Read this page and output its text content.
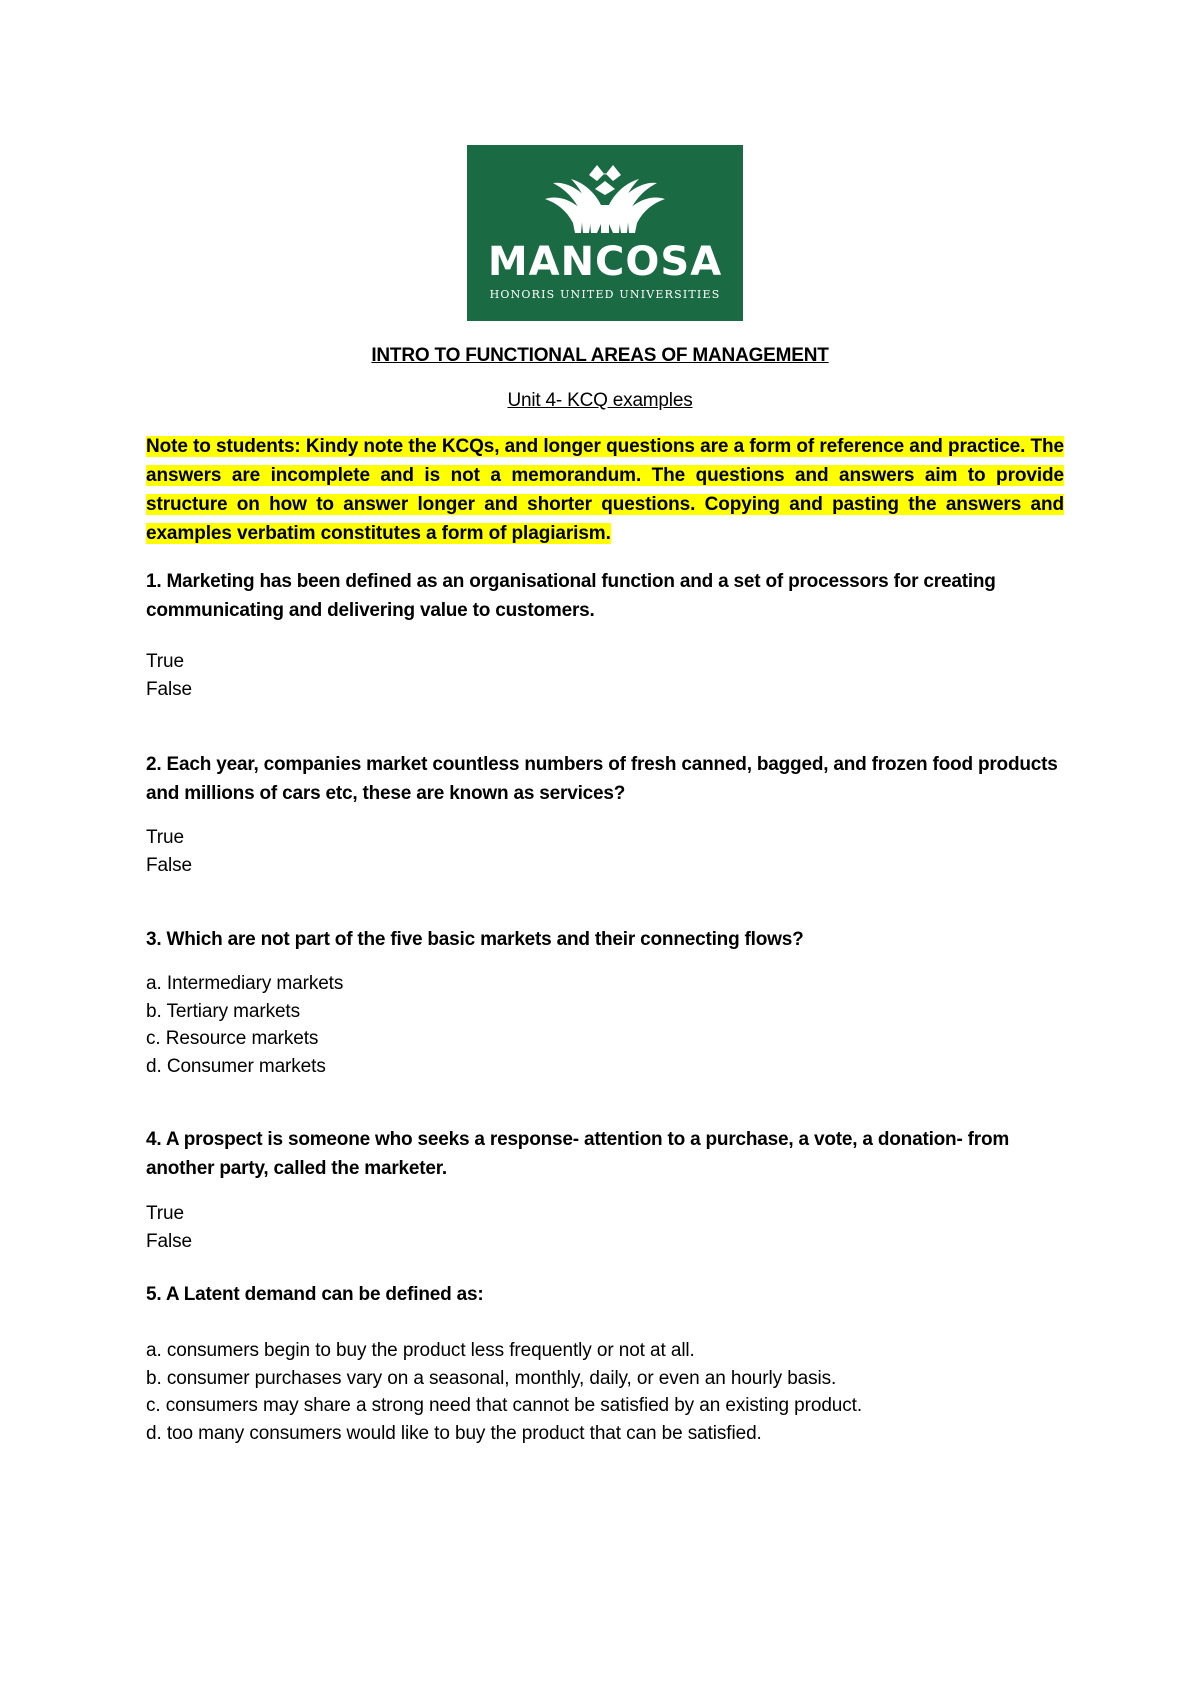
MANCOSA
HONORIS UNITED UNIVERSITIES
INTRO TO FUNCTIONAL AREAS OF MANAGEMENT
Unit 4- KCQ examples
Note to students: Kindy note the KCQs, and longer questions are a form of reference and practice. The answers are incomplete and is not a memorandum. The questions and answers aim to provide structure on how to answer longer and shorter questions. Copying and pasting the answers and examples verbatim constitutes a form of plagiarism.
1. Marketing has been defined as an organisational function and a set of processors for creating communicating and delivering value to customers.
True
False
2. Each year, companies market countless numbers of fresh canned, bagged, and frozen food products and millions of cars etc, these are known as services?
True
False
3. Which are not part of the five basic markets and their connecting flows?
a. Intermediary markets
b. Tertiary markets
c. Resource markets
d. Consumer markets
4. A prospect is someone who seeks a response- attention to a purchase, a vote, a donation- from another party, called the marketer.
True
False
5. A Latent demand can be defined as:
a. consumers begin to buy the product less frequently or not at all.
b. consumer purchases vary on a seasonal, monthly, daily, or even an hourly basis.
c. consumers may share a strong need that cannot be satisfied by an existing product.
d. too many consumers would like to buy the product that can be satisfied.
